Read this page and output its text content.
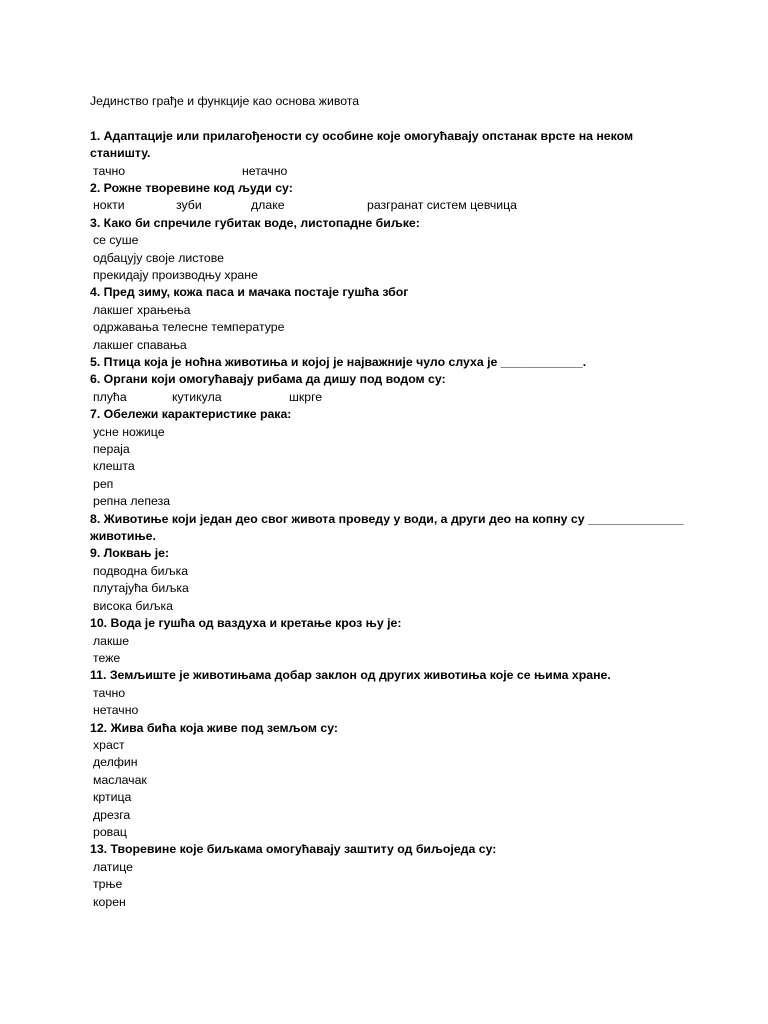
Јединство грађе и функције као основа живота
1. Адаптације или прилагођености су особине које омогућавају опстанак врсте на неком станишту.
тачно	нетачно
2. Рожне творевине код људи су:
нокти	зуби	длаке	разгранат систем цевчица
3. Како би спречиле губитак воде, листопадне биљке:
се суше
одбацују своје листове
прекидају производњу хране
4. Пред зиму, кожа паса и мачака постаје гушћа због
лакшег храњења
одржавања телесне температуре
лакшег спавања
5. Птица која је ноћна животиња и којој је најважније чуло слуха је ____________.
6. Органи који омогућавају рибама да дишу под водом су:
плућа	кутикула	шкрге
7. Обележи карактеристике рака:
усне ножице
пераја
клешта
реп
репна лепеза
8. Животиње који један део свог живота проведу у води, а други део на копну су ______________ животиње.
9. Локвањ је:
подводна биљка
плутајућа биљка
висока биљка
10. Вода је гушћа од ваздуха и кретање кроз њу је:
лакше
теже
11. Земљиште је животињама добар заклон од других животиња које се њима хране.
тачно
нетачно
12. Жива бића која живе под земљом су:
храст
делфин
маслачак
кртица
дрезга
ровац
13. Творевине које биљкама омогућавају заштиту од биљоједа су:
латице
трње
корен
